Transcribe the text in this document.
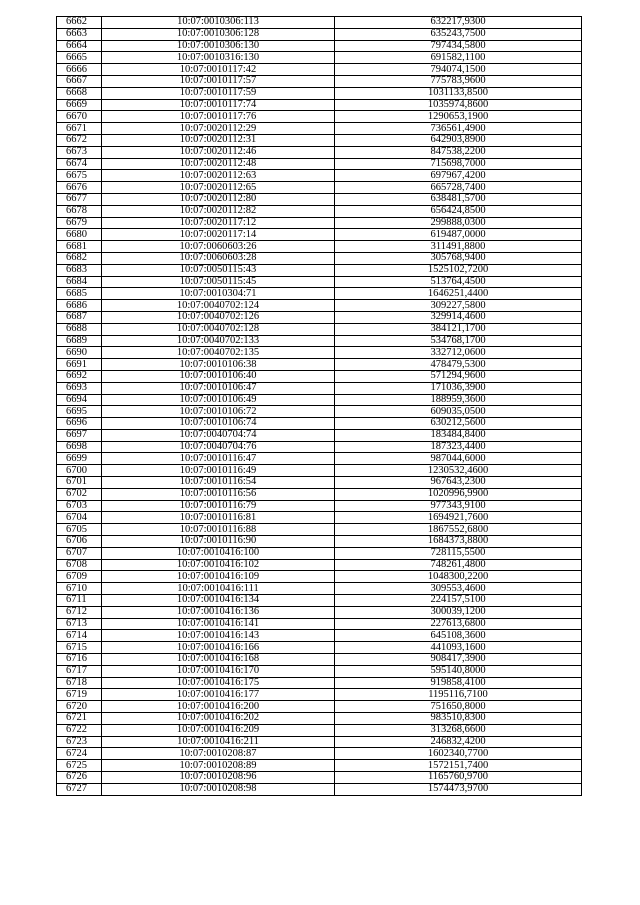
6662	10:07:0010306:113	632217,9300
6663	10:07:0010306:128	635243,7500
6664	10:07:0010306:130	797434,5800
6665	10:07:0010316:130	691582,1100
6666	10:07:0010117:42	794074,1500
6667	10:07:0010117:57	775783,9600
6668	10:07:0010117:59	1031133,8500
6669	10:07:0010117:74	1035974,8600
6670	10:07:0010117:76	1290653,1900
6671	10:07:0020112:29	736561,4900
6672	10:07:0020112:31	642903,8900
6673	10:07:0020112:46	847538,2200
6674	10:07:0020112:48	715698,7000
6675	10:07:0020112:63	697967,4200
6676	10:07:0020112:65	665728,7400
6677	10:07:0020112:80	638481,5700
6678	10:07:0020112:82	656424,8500
6679	10:07:0020117:12	299888,0300
6680	10:07:0020117:14	619487,0000
6681	10:07:0060603:26	311491,8800
6682	10:07:0060603:28	305768,9400
6683	10:07:0050115:43	1525102,7200
6684	10:07:0050115:45	513764,4500
6685	10:07:0010304:71	1646251,4400
6686	10:07:0040702:124	309227,5800
6687	10:07:0040702:126	329914,4600
6688	10:07:0040702:128	384121,1700
6689	10:07:0040702:133	534768,1700
6690	10:07:0040702:135	332712,0600
6691	10:07:0010106:38	478479,5300
6692	10:07:0010106:40	571294,9600
6693	10:07:0010106:47	171036,3900
6694	10:07:0010106:49	188959,3600
6695	10:07:0010106:72	609035,0500
6696	10:07:0010106:74	630212,5600
6697	10:07:0040704:74	183484,8400
6698	10:07:0040704:76	187323,4400
6699	10:07:0010116:47	987044,6000
6700	10:07:0010116:49	1230532,4600
6701	10:07:0010116:54	967643,2300
6702	10:07:0010116:56	1020996,9900
6703	10:07:0010116:79	977343,9100
6704	10:07:0010116:81	1694921,7600
6705	10:07:0010116:88	1867552,6800
6706	10:07:0010116:90	1684373,8800
6707	10:07:0010416:100	728115,5500
6708	10:07:0010416:102	748261,4800
6709	10:07:0010416:109	1048300,2200
6710	10:07:0010416:111	309553,4600
6711	10:07:0010416:134	224157,5100
6712	10:07:0010416:136	300039,1200
6713	10:07:0010416:141	227613,6800
6714	10:07:0010416:143	645108,3600
6715	10:07:0010416:166	441093,1600
6716	10:07:0010416:168	908417,3900
6717	10:07:0010416:170	595140,8000
6718	10:07:0010416:175	919858,4100
6719	10:07:0010416:177	1195116,7100
6720	10:07:0010416:200	751650,8000
6721	10:07:0010416:202	983510,8300
6722	10:07:0010416:209	313268,6600
6723	10:07:0010416:211	246832,4200
6724	10:07:0010208:87	1602340,7700
6725	10:07:0010208:89	1572151,7400
6726	10:07:0010208:96	1165760,9700
6727	10:07:0010208:98	1574473,9700
